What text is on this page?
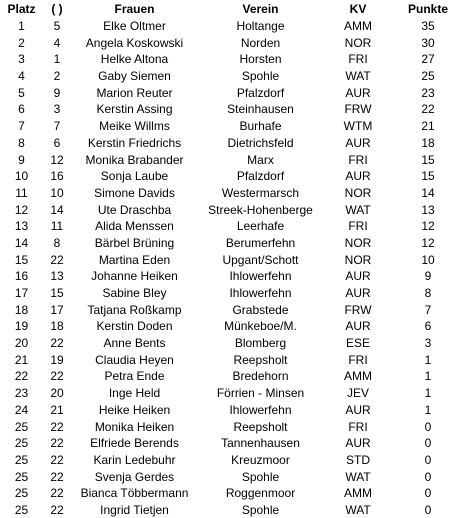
Platz	( )	Frauen	Verein	KV	Punkte
1	5	Elke Oltmer	Holtange	AMM	35
2	4	Angela Koskowski	Norden	NOR	30
3	1	Helke Altona	Horsten	FRI	27
4	2	Gaby Siemen	Spohle	WAT	25
5	9	Marion Reuter	Pfalzdorf	AUR	23
6	3	Kerstin Assing	Steinhausen	FRW	22
7	7	Meike Willms	Burhafe	WTM	21
8	6	Kerstin Friedrichs	Dietrichsfeld	AUR	18
9	12	Monika Brabander	Marx	FRI	15
10	16	Sonja Laube	Pfalzdorf	AUR	15
11	10	Simone Davids	Westermarsch	NOR	14
12	14	Ute Draschba	Streek-Hohenberge	WAT	13
13	11	Alida Menssen	Leerhafe	FRI	12
14	8	Bärbel Brüning	Berumerfehn	NOR	12
15	22	Martina Eden	Upgant/Schott	NOR	10
16	13	Johanne Heiken	Ihlowerfehn	AUR	9
17	15	Sabine Bley	Ihlowerfehn	AUR	8
18	17	Tatjana Roßkamp	Grabstede	FRW	7
19	18	Kerstin Doden	Münkeboe/M.	AUR	6
20	22	Anne Bents	Blomberg	ESE	3
21	19	Claudia Heyen	Reepsholt	FRI	1
22	22	Petra Ende	Bredehorn	AMM	1
23	20	Inge Held	Förrien - Minsen	JEV	1
24	21	Heike Heiken	Ihlowerfehn	AUR	1
25	22	Monika Heiken	Reepsholt	FRI	0
25	22	Elfriede Berends	Tannenhausen	AUR	0
25	22	Karin Ledebuhr	Kreuzmoor	STD	0
25	22	Svenja Gerdes	Spohle	WAT	0
25	22	Bianca Többermann	Roggenmoor	AMM	0
25	22	Ingrid Tietjen	Spohle	WAT	0
